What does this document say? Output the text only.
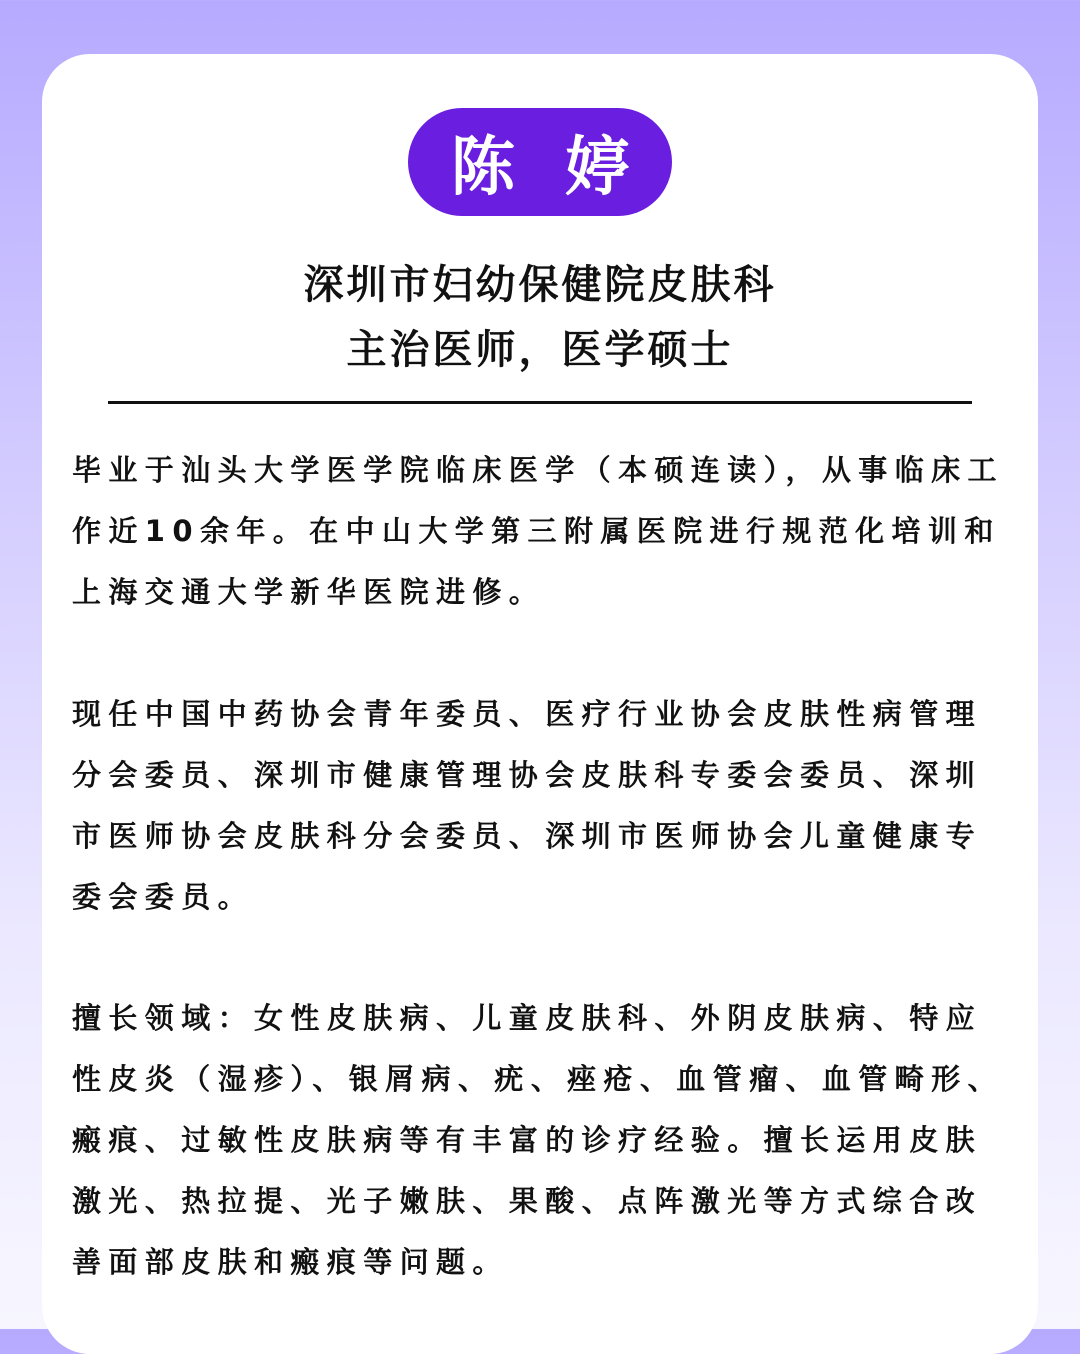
陈 婷
深圳市妇幼保健院皮肤科
主治医师，医学硕士

毕业于汕头大学医学院临床医学（本硕连读），从事临床工作近10余年。在中山大学第三附属医院进行规范化培训和上海交通大学新华医院进修。

现任中国中药协会青年委员、医疗行业协会皮肤性病管理分会委员、深圳市健康管理协会皮肤科专委会委员、深圳市医师协会皮肤科分会委员、深圳市医师协会儿童健康专委会委员。

擅长领域：女性皮肤病、儿童皮肤科、外阴皮肤病、特应性皮炎（湿疹）、银屑病、疣、痤疮、血管瘤、血管畸形、瘢痕、过敏性皮肤病等有丰富的诊疗经验。擅长运用皮肤激光、热拉提、光子嫩肤、果酸、点阵激光等方式综合改善面部皮肤和瘢痕等问题。
